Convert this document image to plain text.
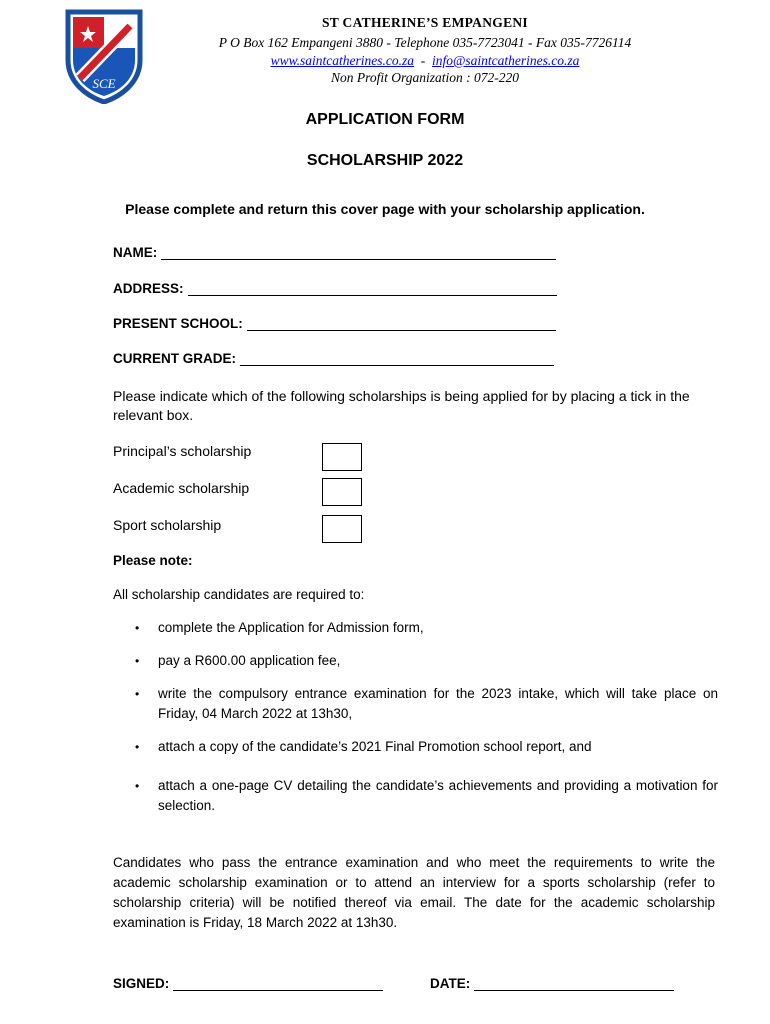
SCE
ST CATHERINE’S EMPANGENI
P O Box 162 Empangeni 3880 - Telephone 035-7723041 - Fax 035-7726114
www.saintcatherines.co.za - info@saintcatherines.co.za
Non Profit Organization : 072-220
APPLICATION FORM
SCHOLARSHIP 2022
Please complete and return this cover page with your scholarship application.
NAME:
ADDRESS:
PRESENT SCHOOL:
CURRENT GRADE:
Please indicate which of the following scholarships is being applied for by placing a tick in the relevant box.
Principal’s scholarship
Academic scholarship
Sport scholarship
Please note:
All scholarship candidates are required to:
• complete the Application for Admission form,
• pay a R600.00 application fee,
• write the compulsory entrance examination for the 2023 intake, which will take place on Friday, 04 March 2022 at 13h30,
• attach a copy of the candidate’s 2021 Final Promotion school report, and
• attach a one-page CV detailing the candidate’s achievements and providing a motivation for selection.
Candidates who pass the entrance examination and who meet the requirements to write the academic scholarship examination or to attend an interview for a sports scholarship (refer to scholarship criteria) will be notified thereof via email. The date for the academic scholarship examination is Friday, 18 March 2022 at 13h30.
SIGNED:	DATE:
